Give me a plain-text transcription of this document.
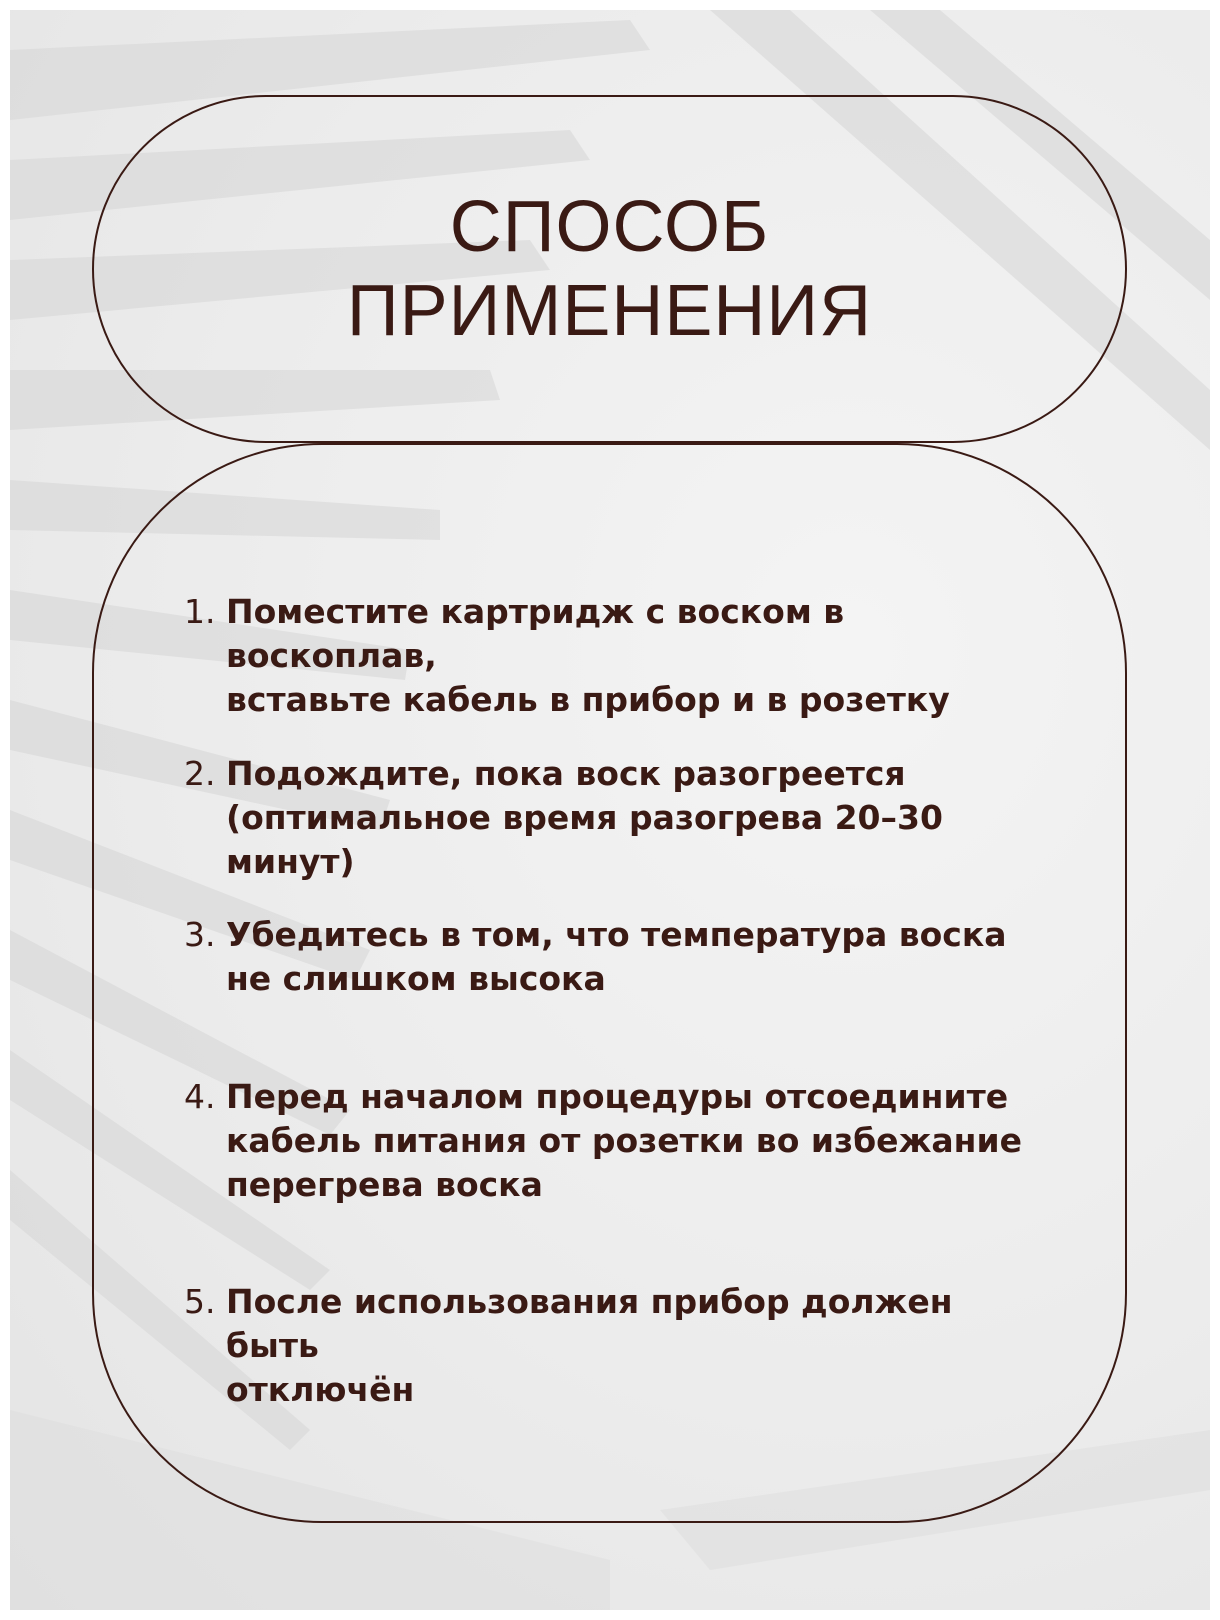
СПОСОБ
ПРИМЕНЕНИЯ
1. Поместите картридж с воском в воскоплав,
вставьте кабель в прибор и в розетку
2. Подождите, пока воск разогреется
(оптимальное время разогрева 20–30 минут)
3. Убедитесь в том, что температура воска
не слишком высока
4. Перед началом процедуры отсоедините
кабель питания от розетки во избежание
перегрева воска
5. После использования прибор должен быть
отключён
